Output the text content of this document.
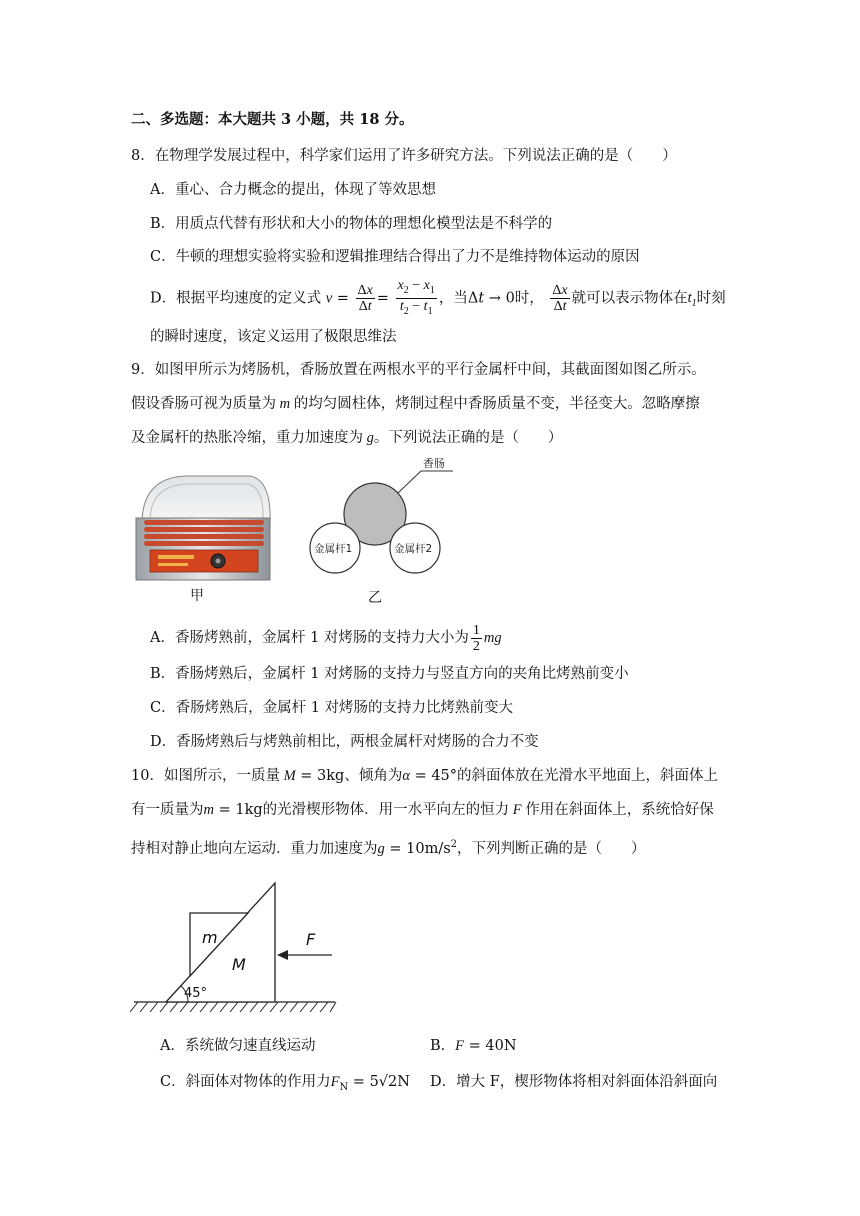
二、多选题：本大题共 3 小题，共 18 分。
8．在物理学发展过程中，科学家们运用了许多研究方法。下列说法正确的是（　　）
A．重心、合力概念的提出，体现了等效思想
B．用质点代替有形状和大小的物体的理想化模型法是不科学的
C．牛顿的理想实验将实验和逻辑推理结合得出了力不是维持物体运动的原因
D．根据平均速度的定义式 $v = \frac{\Delta x}{\Delta t} = \frac{x_2 - x_1}{t_2 - t_1}$ ，当Δt → 0时， $\frac{\Delta x}{\Delta t}$ 就可以表示物体在$t_1$时刻
的瞬时速度，该定义运用了极限思维法
9．如图甲所示为烤肠机，香肠放置在两根水平的平行金属杆中间，其截面图如图乙所示。
假设香肠可视为质量为 m 的均匀圆柱体，烤制过程中香肠质量不变，半径变大。忽略摩擦
及金属杆的热胀冷缩，重力加速度为 g。下列说法正确的是（　　）
甲
香肠
金属杆1	金属杆2
乙
A．香肠烤熟前，金属杆 1 对烤肠的支持力大小为 $\frac{1}{2}$ mg
B．香肠烤熟后，金属杆 1 对烤肠的支持力与竖直方向的夹角比烤熟前变小
C．香肠烤熟后，金属杆 1 对烤肠的支持力比烤熟前变大
D．香肠烤熟后与烤熟前相比，两根金属杆对烤肠的合力不变
10．如图所示，一质量 M = 3kg、倾角为α = 45°的斜面体放在光滑水平地面上，斜面体上
有一质量为m = 1kg的光滑楔形物体．用一水平向左的恒力 F 作用在斜面体上，系统恰好保
持相对静止地向左运动．重力加速度为$g = 10m/s^2$，下列判断正确的是（　　）
45°
m
M
F
A．系统做匀速直线运动	B．F = 40N
C．斜面体对物体的作用力$F_N = 5√2N$ D．增大 F，楔形物体将相对斜面体沿斜面向
